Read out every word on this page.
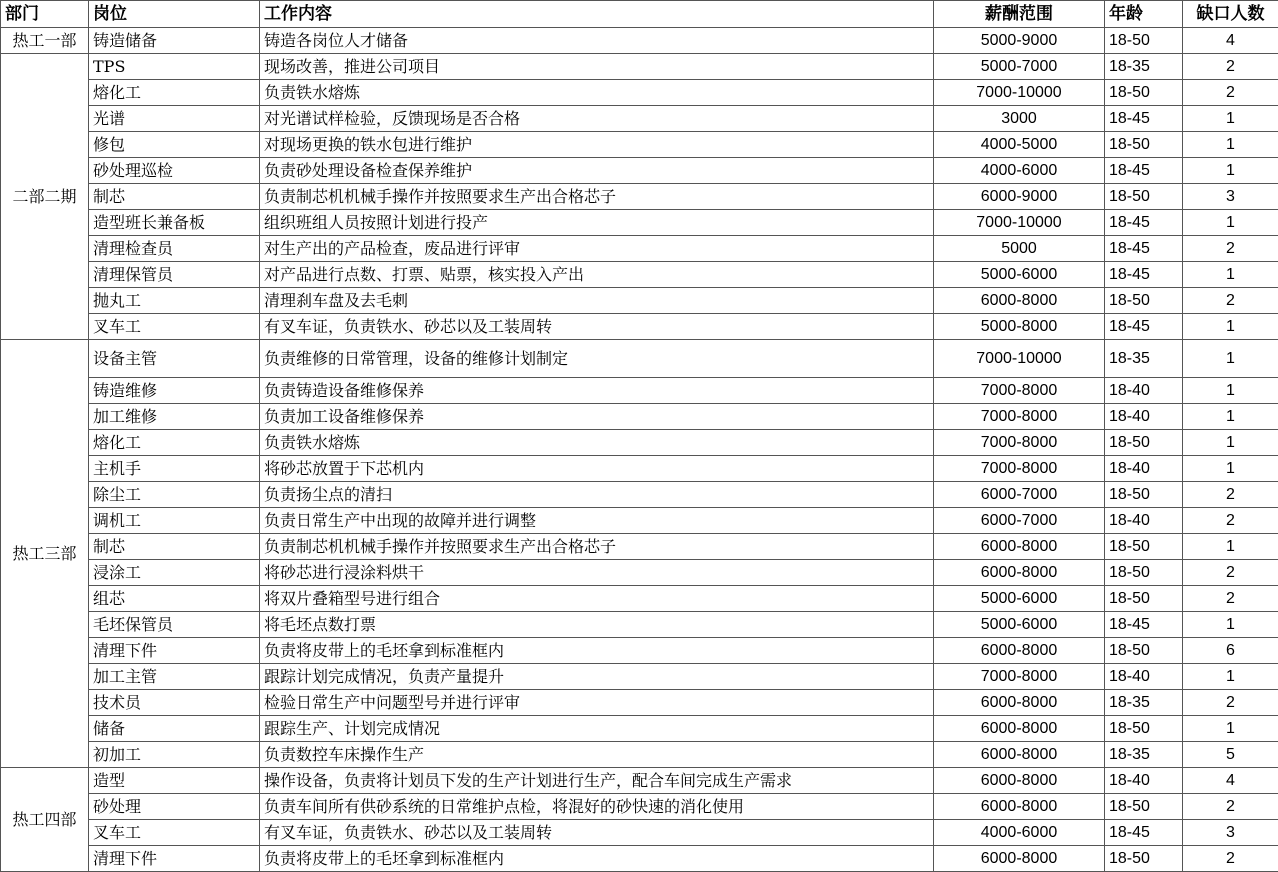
部门	岗位	工作内容	薪酬范围	年龄	缺口人数
热工一部	铸造储备	铸造各岗位人才储备	5000-9000	18-50	4
二部二期	TPS	现场改善，推进公司项目	5000-7000	18-35	2
	熔化工	负责铁水熔炼	7000-10000	18-50	2
	光谱	对光谱试样检验，反馈现场是否合格	3000	18-45	1
	修包	对现场更换的铁水包进行维护	4000-5000	18-50	1
	砂处理巡检	负责砂处理设备检查保养维护	4000-6000	18-45	1
	制芯	负责制芯机机械手操作并按照要求生产出合格芯子	6000-9000	18-50	3
	造型班长兼备板	组织班组人员按照计划进行投产	7000-10000	18-45	1
	清理检查员	对生产出的产品检查，废品进行评审	5000	18-45	2
	清理保管员	对产品进行点数、打票、贴票，核实投入产出	5000-6000	18-45	1
	抛丸工	清理刹车盘及去毛刺	6000-8000	18-50	2
	叉车工	有叉车证，负责铁水、砂芯以及工装周转	5000-8000	18-45	1
热工三部	设备主管	负责维修的日常管理，设备的维修计划制定	7000-10000	18-35	1
	铸造维修	负责铸造设备维修保养	7000-8000	18-40	1
	加工维修	负责加工设备维修保养	7000-8000	18-40	1
	熔化工	负责铁水熔炼	7000-8000	18-50	1
	主机手	将砂芯放置于下芯机内	7000-8000	18-40	1
	除尘工	负责扬尘点的清扫	6000-7000	18-50	2
	调机工	负责日常生产中出现的故障并进行调整	6000-7000	18-40	2
	制芯	负责制芯机机械手操作并按照要求生产出合格芯子	6000-8000	18-50	1
	浸涂工	将砂芯进行浸涂料烘干	6000-8000	18-50	2
	组芯	将双片叠箱型号进行组合	5000-6000	18-50	2
	毛坯保管员	将毛坯点数打票	5000-6000	18-45	1
	清理下件	负责将皮带上的毛坯拿到标准框内	6000-8000	18-50	6
	加工主管	跟踪计划完成情况，负责产量提升	7000-8000	18-40	1
	技术员	检验日常生产中问题型号并进行评审	6000-8000	18-35	2
	储备	跟踪生产、计划完成情况	6000-8000	18-50	1
	初加工	负责数控车床操作生产	6000-8000	18-35	5
热工四部	造型	操作设备，负责将计划员下发的生产计划进行生产，配合车间完成生产需求	6000-8000	18-40	4
	砂处理	负责车间所有供砂系统的日常维护点检，将混好的砂快速的消化使用	6000-8000	18-50	2
	叉车工	有叉车证，负责铁水、砂芯以及工装周转	4000-6000	18-45	3
	清理下件	负责将皮带上的毛坯拿到标准框内	6000-8000	18-50	2
